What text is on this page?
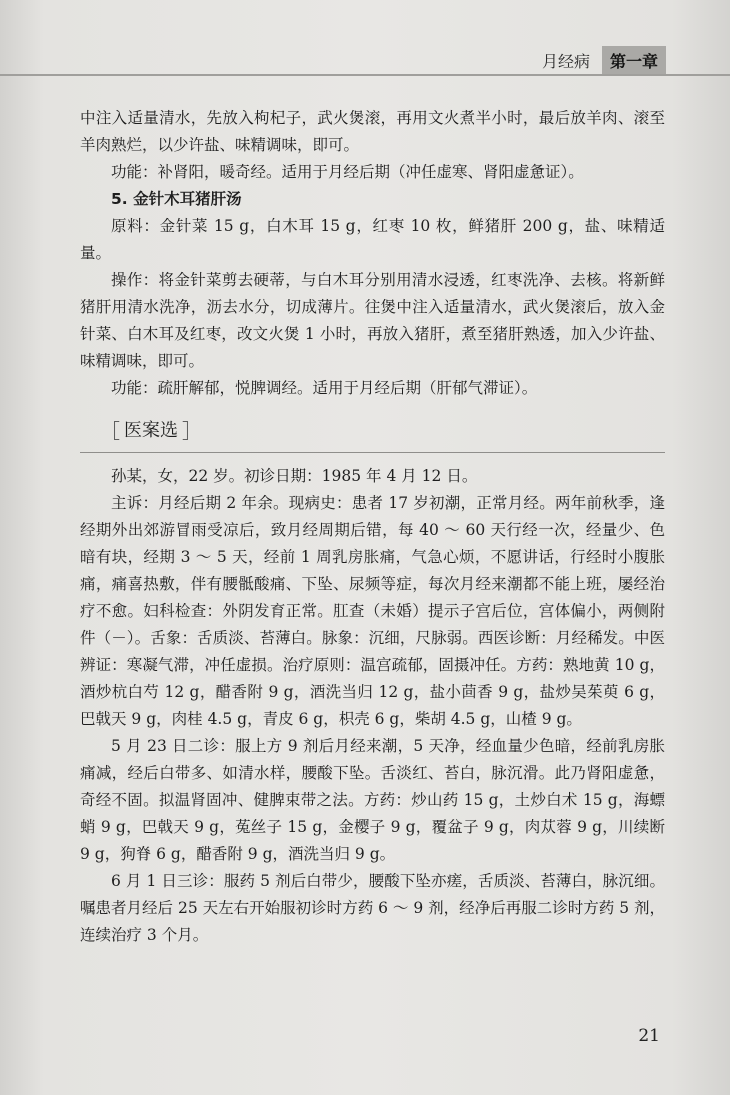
月经病	第一章

中注入适量清水，先放入枸杞子，武火煲滚，再用文火煮半小时，最后放羊肉、滚至羊肉熟烂，以少许盐、味精调味，即可。

功能：补肾阳，暖奇经。适用于月经后期（冲任虚寒、肾阳虚惫证）。

5. 金针木耳猪肝汤

原料：金针菜 15 g，白木耳 15 g，红枣 10 枚，鲜猪肝 200 g，盐、味精适量。

操作：将金针菜剪去硬蒂，与白木耳分别用清水浸透，红枣洗净、去核。将新鲜猪肝用清水洗净，沥去水分，切成薄片。往煲中注入适量清水，武火煲滚后，放入金针菜、白木耳及红枣，改文火煲 1 小时，再放入猪肝，煮至猪肝熟透，加入少许盐、味精调味，即可。

功能：疏肝解郁，悦脾调经。适用于月经后期（肝郁气滞证）。

［ 医案选 ］

孙某，女，22 岁。初诊日期：1985 年 4 月 12 日。

主诉：月经后期 2 年余。现病史：患者 17 岁初潮，正常月经。两年前秋季，逢经期外出郊游冒雨受凉后，致月经周期后错，每 40 ～ 60 天行经一次，经量少、色暗有块，经期 3 ～ 5 天，经前 1 周乳房胀痛，气急心烦，不愿讲话，行经时小腹胀痛，痛喜热敷，伴有腰骶酸痛、下坠、尿频等症，每次月经来潮都不能上班，屡经治疗不愈。妇科检查：外阴发育正常。肛查（未婚）提示子宫后位，宫体偏小，两侧附件（－）。舌象：舌质淡、苔薄白。脉象：沉细，尺脉弱。西医诊断：月经稀发。中医辨证：寒凝气滞，冲任虚损。治疗原则：温宫疏郁，固摄冲任。方药：熟地黄 10 g，酒炒杭白芍 12 g，醋香附 9 g，酒洗当归 12 g，盐小茴香 9 g，盐炒吴茱萸 6 g，巴戟天 9 g，肉桂 4.5 g，青皮 6 g，枳壳 6 g，柴胡 4.5 g，山楂 9 g。

5 月 23 日二诊：服上方 9 剂后月经来潮，5 天净，经血量少色暗，经前乳房胀痛减，经后白带多、如清水样，腰酸下坠。舌淡红、苔白，脉沉滑。此乃肾阳虚惫，奇经不固。拟温肾固冲、健脾束带之法。方药：炒山药 15 g，土炒白术 15 g，海螵蛸 9 g，巴戟天 9 g，菟丝子 15 g，金樱子 9 g，覆盆子 9 g，肉苁蓉 9 g，川续断 9 g，狗脊 6 g，醋香附 9 g，酒洗当归 9 g。

6 月 1 日三诊：服药 5 剂后白带少，腰酸下坠亦瘥，舌质淡、苔薄白，脉沉细。嘱患者月经后 25 天左右开始服初诊时方药 6 ～ 9 剂，经净后再服二诊时方药 5 剂，连续治疗 3 个月。

21
